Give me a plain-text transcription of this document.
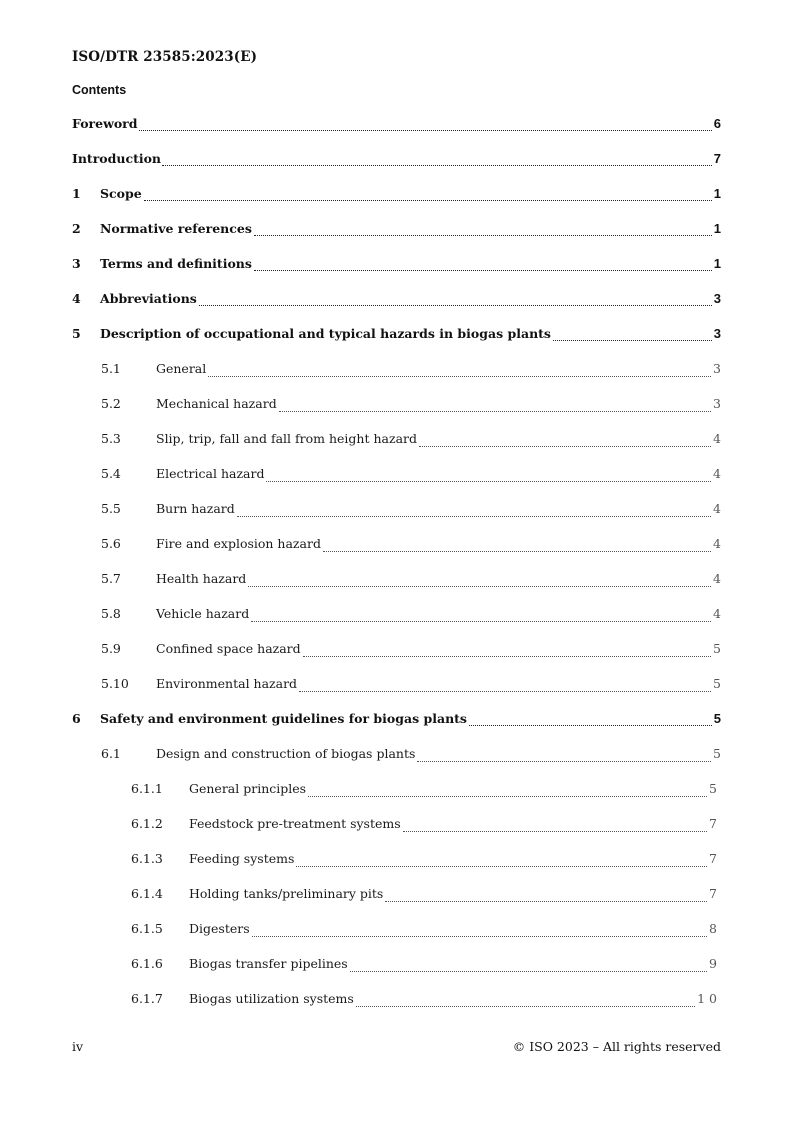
ISO/DTR 23585:2023(E)
Contents
Foreword	6
Introduction	7
1	Scope	1
2	Normative references	1
3	Terms and definitions	1
4	Abbreviations	3
5	Description of occupational and typical hazards in biogas plants	3
5.1	General	3
5.2	Mechanical hazard	3
5.3	Slip, trip, fall and fall from height hazard	4
5.4	Electrical hazard	4
5.5	Burn hazard	4
5.6	Fire and explosion hazard	4
5.7	Health hazard	4
5.8	Vehicle hazard	4
5.9	Confined space hazard	5
5.10	Environmental hazard	5
6	Safety and environment guidelines for biogas plants	5
6.1	Design and construction of biogas plants	5
6.1.1	General principles	5
6.1.2	Feedstock pre-treatment systems	7
6.1.3	Feeding systems	7
6.1.4	Holding tanks/preliminary pits	7
6.1.5	Digesters	8
6.1.6	Biogas transfer pipelines	9
6.1.7	Biogas utilization systems	10
iv	© ISO 2023 – All rights reserved
